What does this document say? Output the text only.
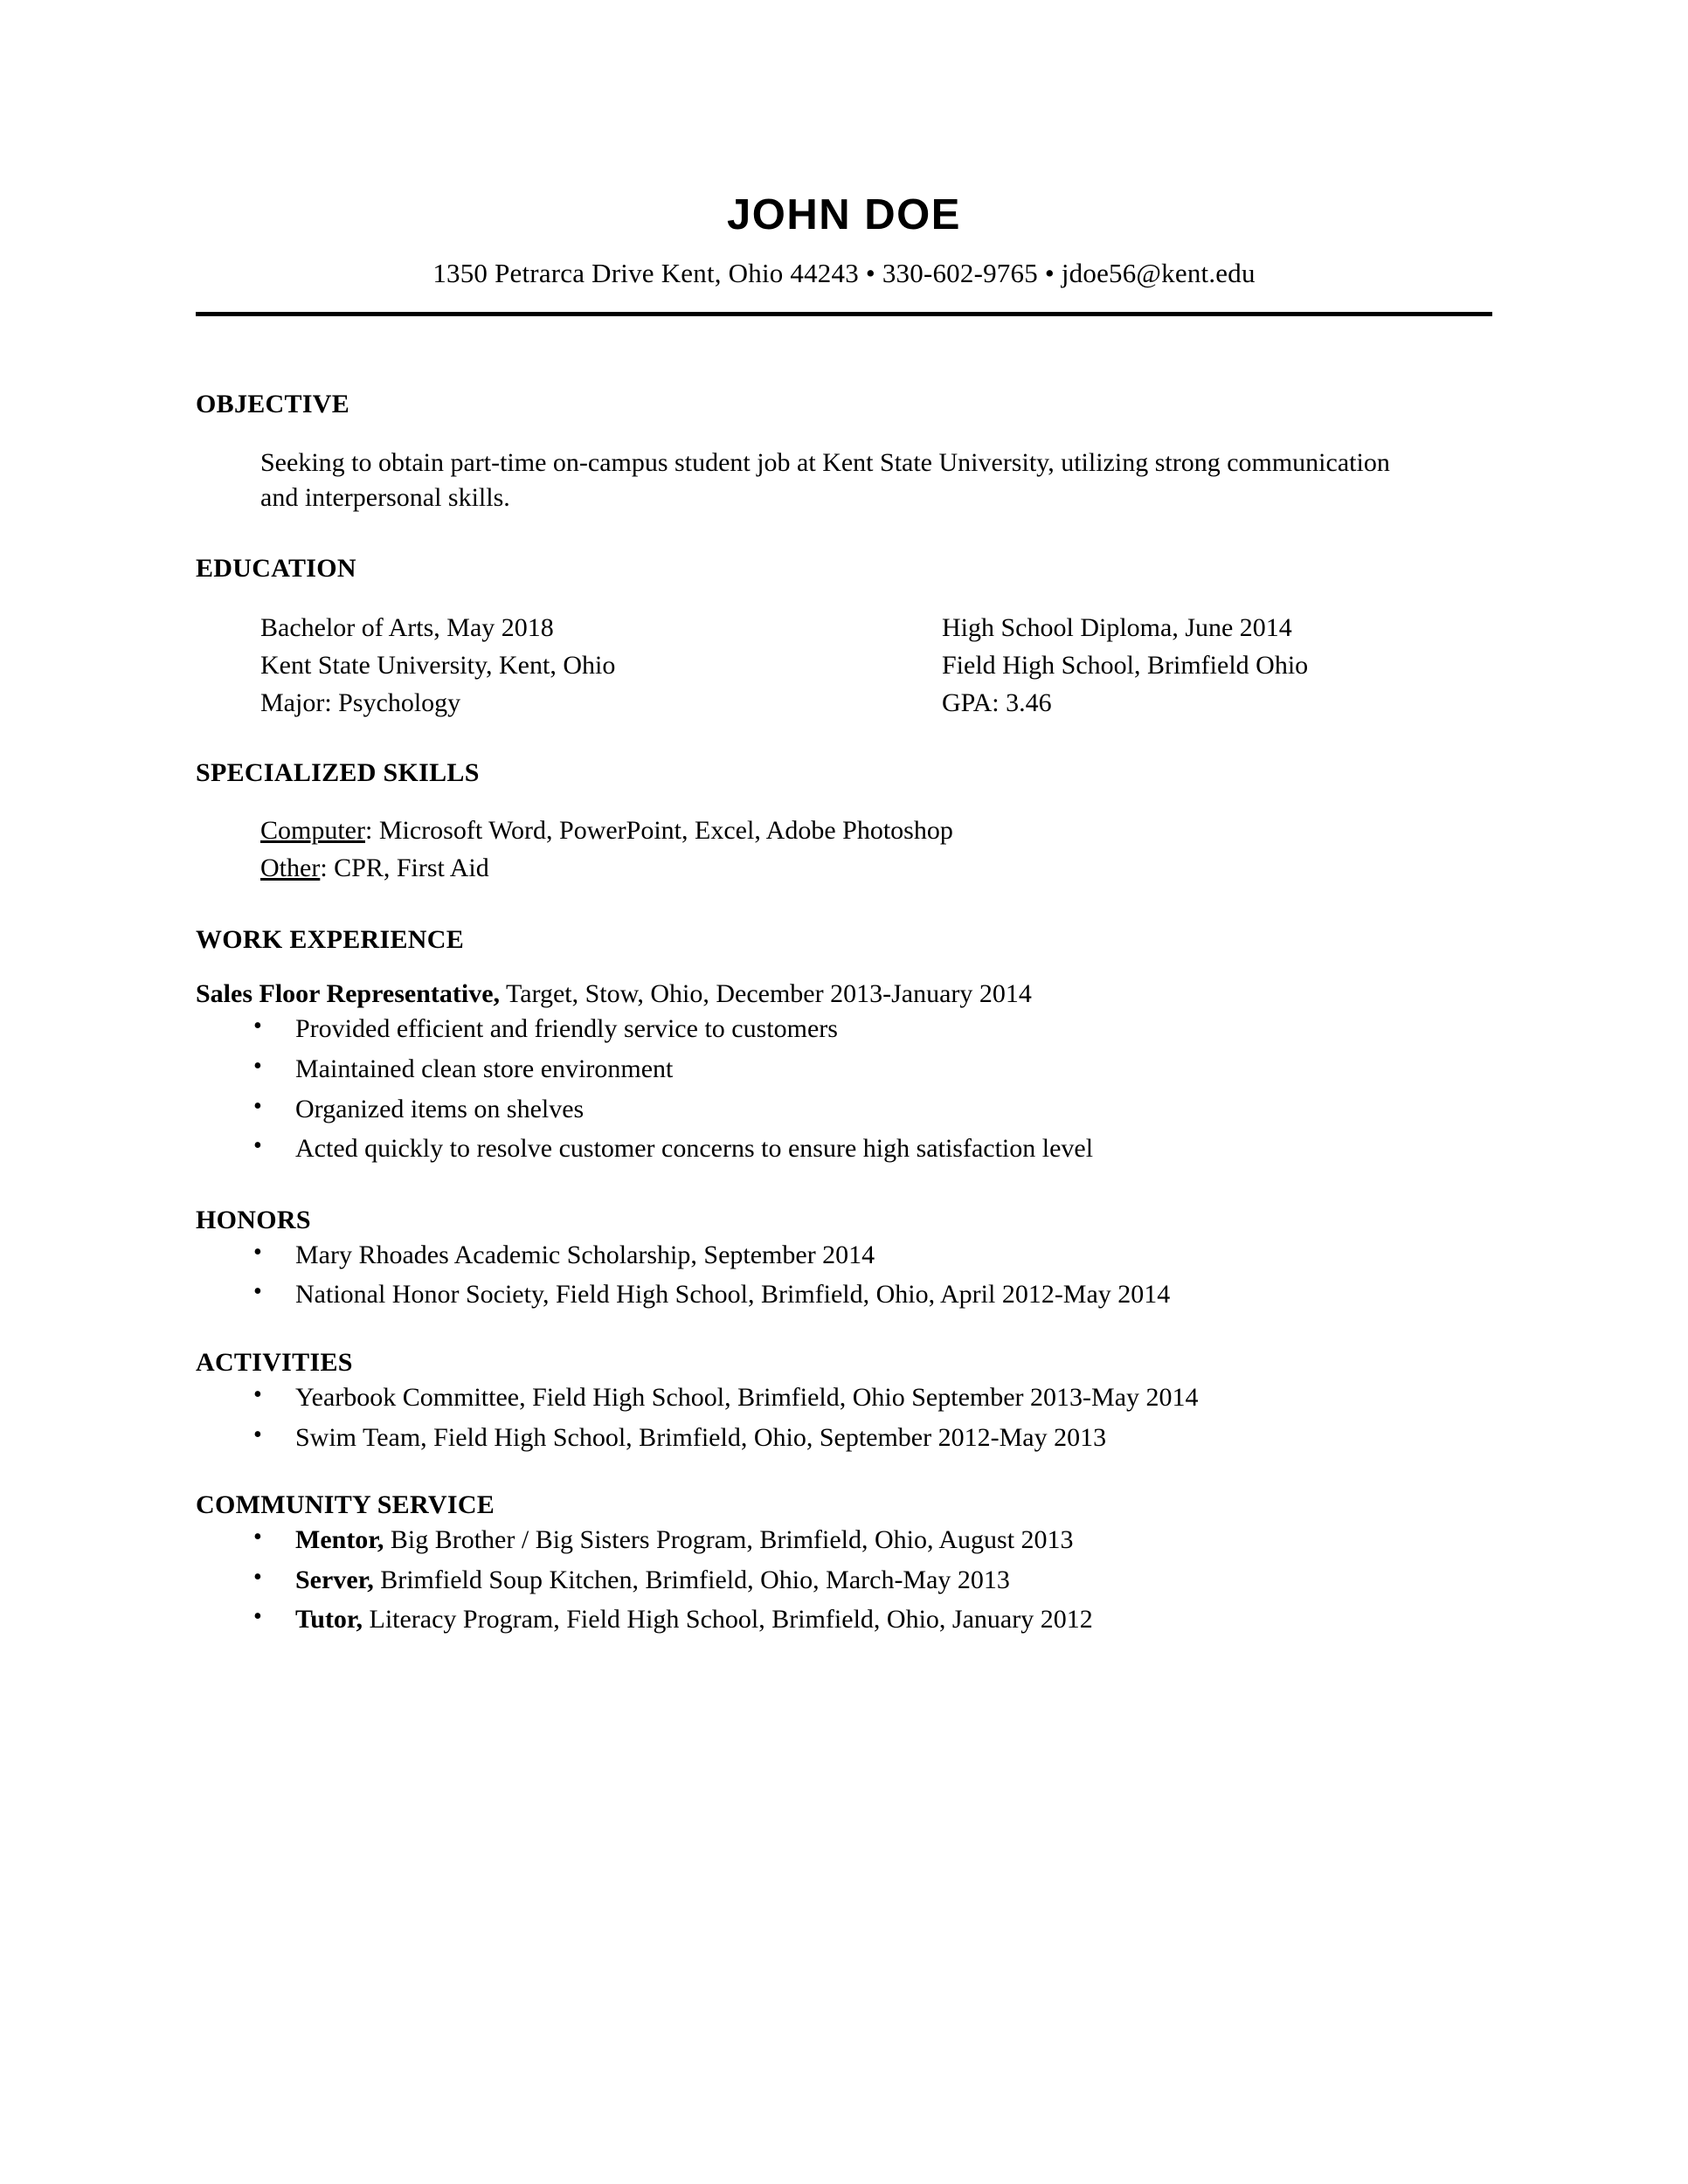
JOHN DOE
1350 Petrarca Drive Kent, Ohio 44243 • 330-602-9765 • jdoe56@kent.edu
OBJECTIVE
Seeking to obtain part-time on-campus student job at Kent State University, utilizing strong communication and interpersonal skills.
EDUCATION
Bachelor of Arts, May 2018	High School Diploma, June 2014
Kent State University, Kent, Ohio	Field High School, Brimfield Ohio
Major: Psychology	GPA: 3.46
SPECIALIZED SKILLS
Computer: Microsoft Word, PowerPoint, Excel, Adobe Photoshop
Other: CPR, First Aid
WORK EXPERIENCE
Sales Floor Representative, Target, Stow, Ohio, December 2013-January 2014
• Provided efficient and friendly service to customers
• Maintained clean store environment
• Organized items on shelves
• Acted quickly to resolve customer concerns to ensure high satisfaction level
HONORS
• Mary Rhoades Academic Scholarship, September 2014
• National Honor Society, Field High School, Brimfield, Ohio, April 2012-May 2014
ACTIVITIES
• Yearbook Committee, Field High School, Brimfield, Ohio September 2013-May 2014
• Swim Team, Field High School, Brimfield, Ohio, September 2012-May 2013
COMMUNITY SERVICE
• Mentor, Big Brother / Big Sisters Program, Brimfield, Ohio, August 2013
• Server, Brimfield Soup Kitchen, Brimfield, Ohio, March-May 2013
• Tutor, Literacy Program, Field High School, Brimfield, Ohio, January 2012
